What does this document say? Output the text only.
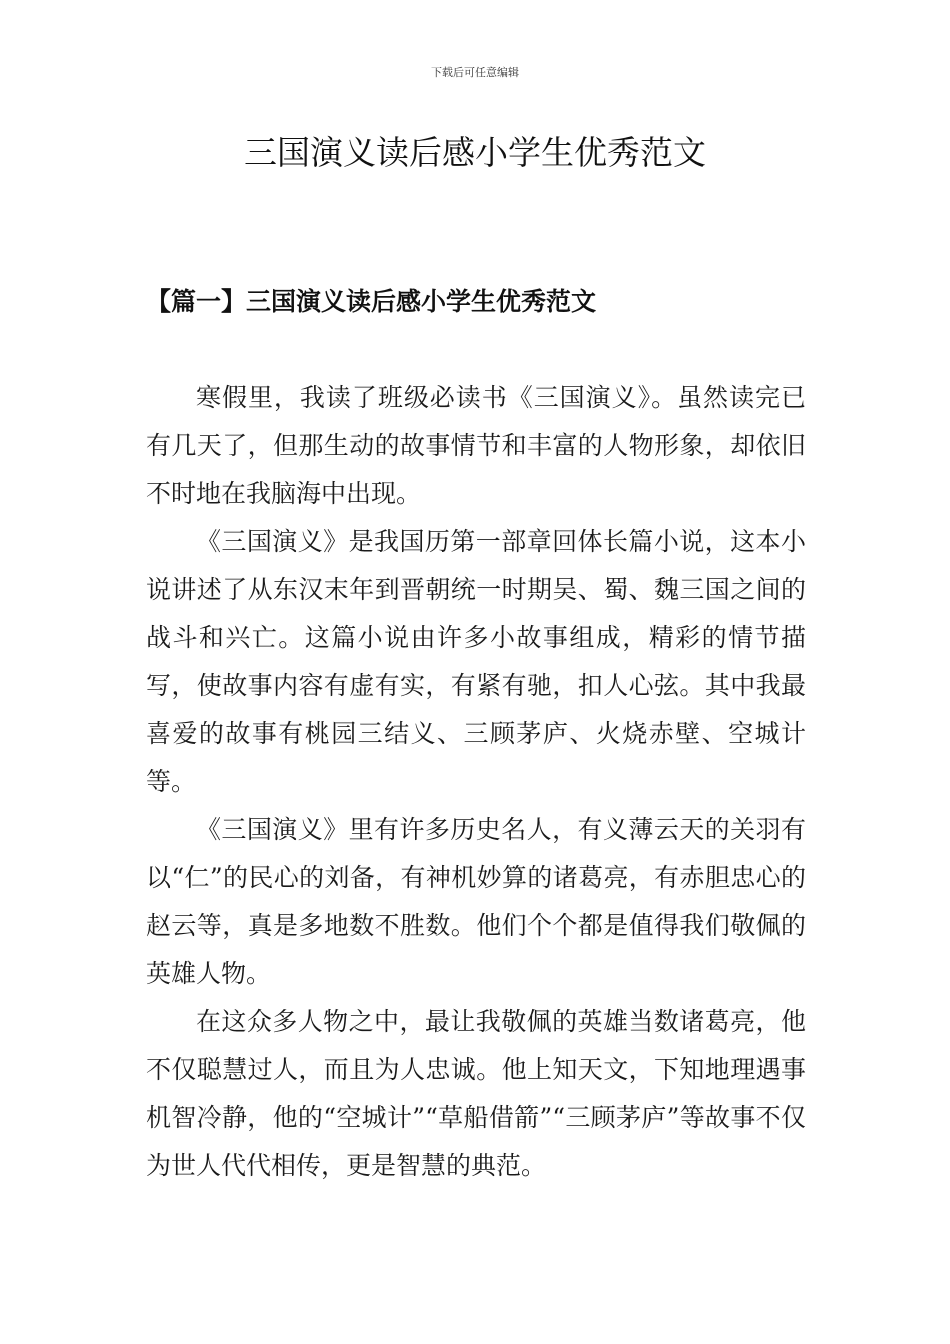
下载后可任意编辑
三国演义读后感小学生优秀范文
【篇一】三国演义读后感小学生优秀范文

寒假里，我读了班级必读书《三国演义》。虽然读完已有几天了，但那生动的故事情节和丰富的人物形象，却依旧不时地在我脑海中出现。

《三国演义》是我国历第一部章回体长篇小说，这本小说讲述了从东汉末年到晋朝统一时期吴、蜀、魏三国之间的战斗和兴亡。这篇小说由许多小故事组成，精彩的情节描写，使故事内容有虚有实，有紧有驰，扣人心弦。其中我最喜爱的故事有桃园三结义、三顾茅庐、火烧赤壁、空城计等。

《三国演义》里有许多历史名人，有义薄云天的关羽有以“仁”的民心的刘备，有神机妙算的诸葛亮，有赤胆忠心的赵云等，真是多地数不胜数。他们个个都是值得我们敬佩的英雄人物。

在这众多人物之中，最让我敬佩的英雄当数诸葛亮，他不仅聪慧过人，而且为人忠诚。他上知天文，下知地理遇事机智冷静，他的“空城计”“草船借箭”“三顾茅庐”等故事不仅为世人代代相传，更是智慧的典范。
